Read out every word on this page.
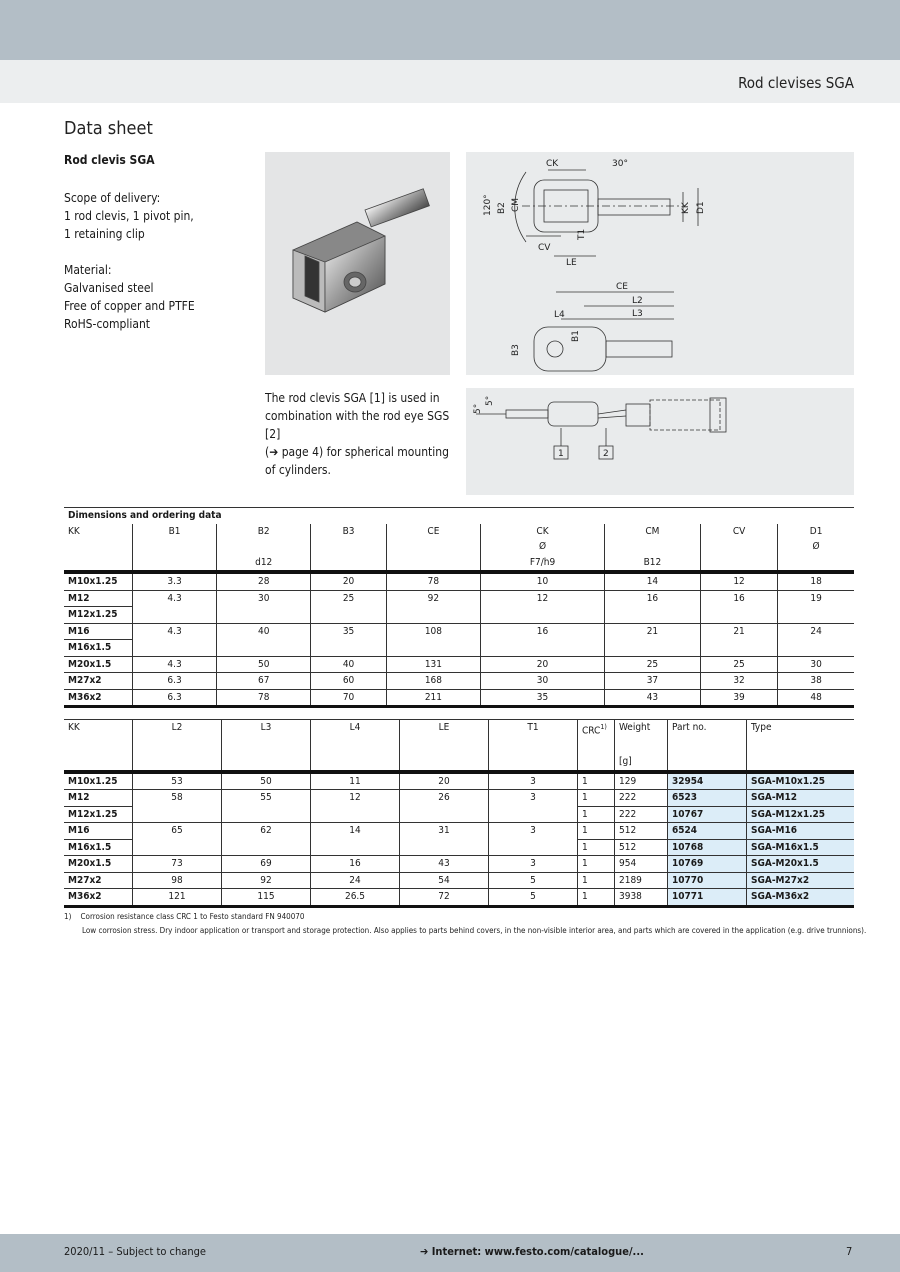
Rod clevises SGA
Data sheet
Rod clevis SGA
Scope of delivery:
1 rod clevis, 1 pivot pin,
1 retaining clip
Material:
Galvanised steel
Free of copper and PTFE
RoHS-compliant
CK	30°
120° B2 CM	KK D1
T1
CV
LE
CE
L2
L3
L4
B1
B3
The rod clevis SGA [1] is used in
combination with the rod eye SGS [2]
(➔ page 4) for spherical mounting
of cylinders.
5°
5°
1	2
Dimensions and ordering data								
KK	B1	B2	B3	CE	CK	CM	CV	D1
					Ø			Ø
		d12			F7/h9	B12		
M10x1.25	3.3	28	20	78	10	14	12	18
M12	4.3	30	25	92	12	16	16	19
M12x1.25								
M16	4.3	40	35	108	16	21	21	24
M16x1.5								
M20x1.5	4.3	50	40	131	20	25	25	30
M27x2	6.3	67	60	168	30	37	32	38
M36x2	6.3	78	70	211	35	43	39	48

KK	L2	L3	L4	LE	T1	CRC$^{1)}$	Weight	Part no.	Type
							[g]		
M10x1.25	53	50	11	20	3	1	129	32954	SGA-M10x1.25
M12	58	55	12	26	3	1	222	6523	SGA-M12
M12x1.25						1	222	10767	SGA-M12x1.25
M16	65	62	14	31	3	1	512	6524	SGA-M16
M16x1.5						1	512	10768	SGA-M16x1.5
M20x1.5	73	69	16	43	3	1	954	10769	SGA-M20x1.5
M27x2	98	92	24	54	5	1	2189	10770	SGA-M27x2
M36x2	121	115	26.5	72	5	1	3938	10771	SGA-M36x2

1) Corrosion resistance class CRC 1 to Festo standard FN 940070
Low corrosion stress. Dry indoor application or transport and storage protection. Also applies to parts behind covers, in the non-visible interior area, and parts which are covered in the application (e.g. drive trunnions).
2020/11 – Subject to change	➔ Internet: www.festo.com/catalogue/...	7
